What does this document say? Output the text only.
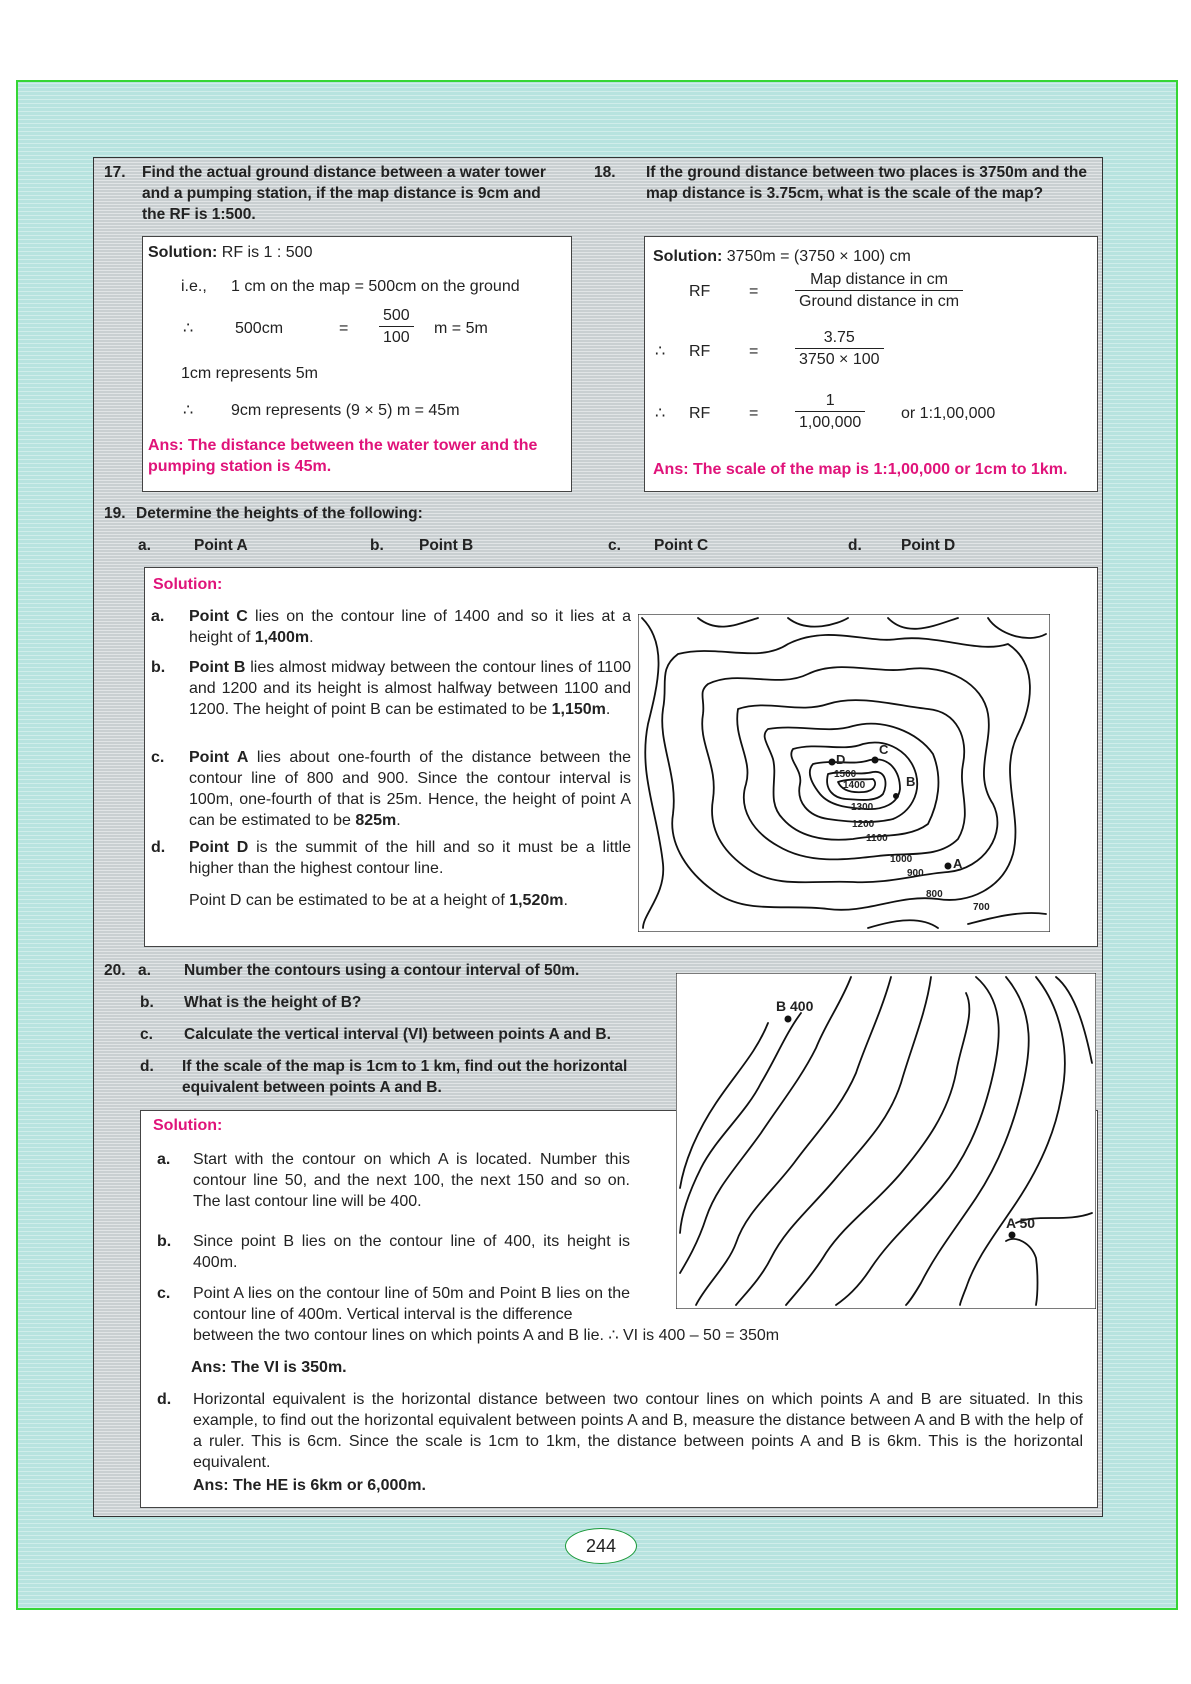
17.	Find the actual ground distance between a water tower and a pumping station, if the map distance is 9cm and the RF is 1:500.
18.	If the ground distance between two places is 3750m and the map distance is 3.75cm, what is the scale of the map?
Solution: RF is 1 : 500
i.e., 1 cm on the map = 500cm on the ground
∴	500cm	= $\frac{500}{100}$ m = 5m
1cm represents 5m
∴ 9cm represents (9 × 5) m = 45m
Ans: The distance between the water tower and the pumping station is 45m.
Solution: 3750m = (3750 × 100) cm
RF = $\frac{\text{Map distance in cm}}{\text{Ground distance in cm}}$
∴ RF = $\frac{3.75}{3750 \times 100}$
∴ RF = $\frac{1}{1,00,000}$ or 1:1,00,000
Ans: The scale of the map is 1:1,00,000 or 1cm to 1km.
19. Determine the heights of the following:
a.	Point A	b. Point B	c. Point C	d.	Point D
Solution:
a. Point C lies on the contour line of 1400 and so it lies at a height of 1,400m.
b. Point B lies almost midway between the contour lines of 1100 and 1200 and its height is almost halfway between 1100 and 1200. The height of point B can be estimated to be 1,150m.
c. Point A lies about one-fourth of the distance between the contour line of 800 and 900. Since the contour interval is 100m, one-fourth of that is 25m. Hence, the height of point A can be estimated to be 825m.
d. Point D is the summit of the hill and so it must be a little higher than the highest contour line.
Point D can be estimated to be at a height of 1,520m.
D
C
B
A
1500
1400
1300
1200
1100
1000
900
800
700
20. a. Number the contours using a contour interval of 50m.
b. What is the height of B?
c. Calculate the vertical interval (VI) between points A and B.
d. If the scale of the map is 1cm to 1 km, find out the horizontal equivalent between points A and B.
Solution:
a. Start with the contour on which A is located. Number this contour line 50, and the next 100, the next 150 and so on. The last contour line will be 400.
b. Since point B lies on the contour line of 400, its height is 400m.
c. Point A lies on the contour line of 50m and Point B lies on the contour line of 400m. Vertical interval is the difference
between the two contour lines on which points A and B lie. ∴ VI is 400 – 50 = 350m
Ans: The VI is 350m.
d. Horizontal equivalent is the horizontal distance between two contour lines on which points A and B are situated. In this example, to find out the horizontal equivalent between points A and B, measure the distance between A and B with the help of a ruler. This is 6cm. Since the scale is 1cm to 1km, the distance between points A and B is 6km. This is the horizontal equivalent.
Ans: The HE is 6km or 6,000m.
B 400
A 50
244
